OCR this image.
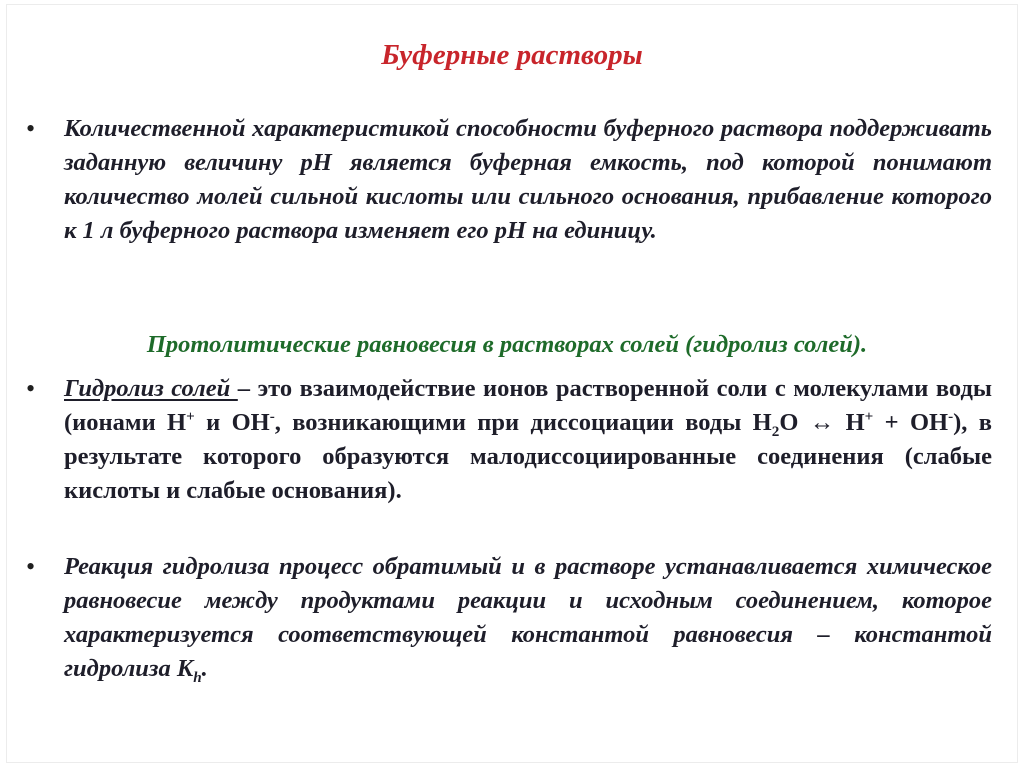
Буферные растворы
•	Количественной характеристикой способности буферного раствора поддерживать заданную величину pH является буферная емкость, под которой понимают количество молей сильной кислоты или сильного основания, прибавление которого к 1 л буферного раствора изменяет его pH на единицу.

Протолитические равновесия в растворах солей (гидролиз солей).
•	Гидролиз солей – это взаимодействие ионов растворенной соли с молекулами воды (ионами H+ и OH-, возникающими при диссоциации воды $H_2O$ ↔ H+ + OH-), в результате которого образуются малодиссоциированные соединения (слабые кислоты и слабые основания).

•	Реакция гидролиза процесс обратимый и в растворе устанавливается химическое равновесие между продуктами реакции и исходным соединением, которое характеризуется соответствующей константой равновесия – константой гидролиза $K_h$.
